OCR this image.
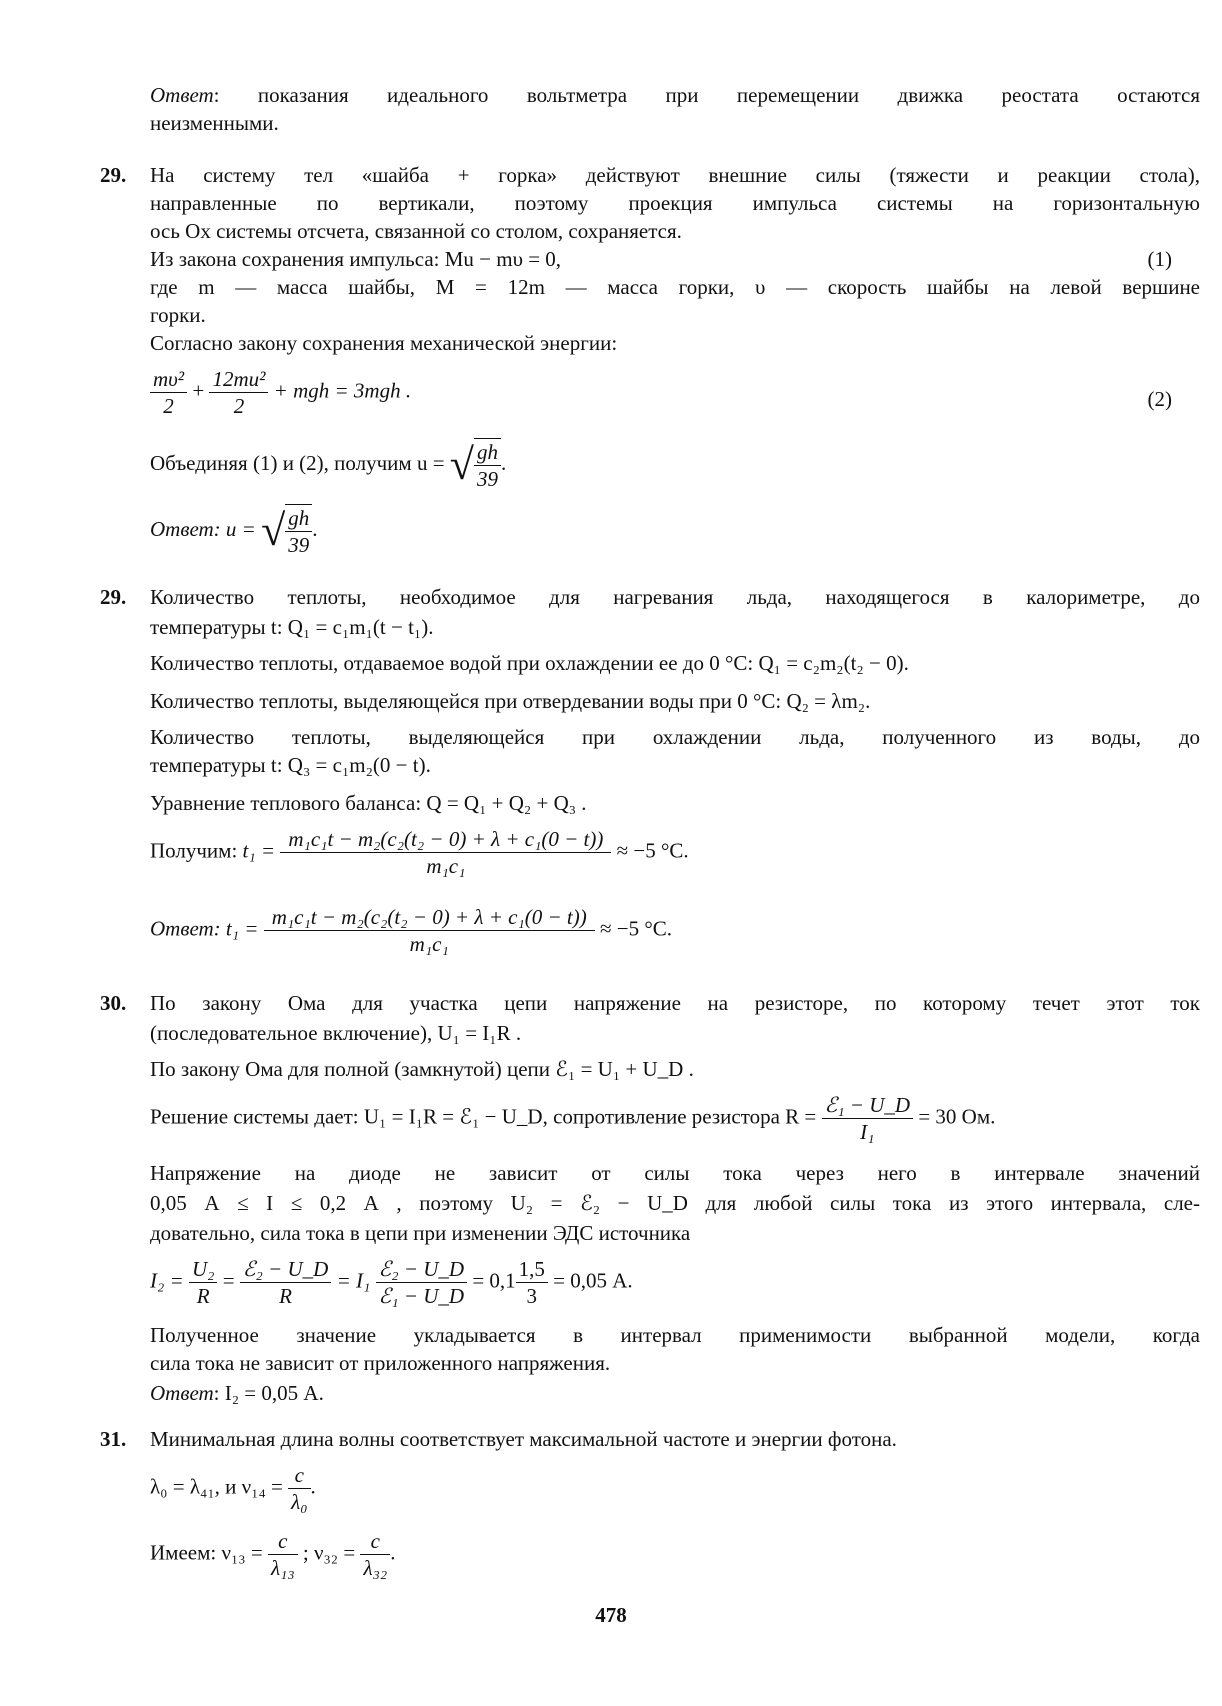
Ответ: показания идеального вольтметра при перемещении движка реостата остаются
неизменными.
29. На систему тел «шайба + горка» действуют внешние силы (тяжести и реакции стола),
направленные по вертикали, поэтому проекция импульса системы на горизонтальную
ось Ox системы отсчета, связанной со столом, сохраняется.
Из закона сохранения импульса: Mu − mυ = 0,	(1)
где m — масса шайбы, M = 12m — масса горки, υ — скорость шайбы на левой вершине
горки.
Согласно закону сохранения механической энергии:
$\frac{\text{mυ²}}{2} + \frac{\text{12mu²}}{2}$ + mgh = 3mgh .	(2)
Объединяя (1) и (2), получим u = √ $\frac{gh}{39}$ .
Ответ: u = √ $\frac{gh}{39}$ .
29. Количество теплоты, необходимое для нагревания льда, находящегося в калориметре, до
температуры t: Q₁ = c₁m₁(t − t₁).
Количество теплоты, отдаваемое водой при охлаждении ее до 0 °C: Q₁ = c₂m₂(t₂ − 0).
Количество теплоты, выделяющейся при отвердевании воды при 0 °C: Q₂ = λm₂.
Количество теплоты, выделяющейся при охлаждении льда, полученного из воды, до
температуры t: Q₃ = c₁m₂(0 − t).
Уравнение теплового баланса: Q = Q₁ + Q₂ + Q₃ .
Получим: $t_1 = \frac{\text{m₁c₁t − m₂(c₂(t₂ − 0) + λ + c₁(0 − t))}}{\text{m₁c₁}} \approx -5$ °C.
Ответ: $t_1 = \frac{\text{m₁c₁t − m₂(c₂(t₂ − 0) + λ + c₁(0 − t))}}{\text{m₁c₁}} \approx -5$ °C.
30. По закону Ома для участка цепи напряжение на резисторе, по которому течет этот ток
(последовательное включение), U₁ = I₁R .
По закону Ома для полной (замкнутой) цепи ℰ₁ = U₁ + U_D .
Решение системы дает: U₁ = I₁R = ℰ₁ − U_D, сопротивление резистора $R = \frac{\text{ℰ₁ − U\_D}}{\text{I₁}} = 30$ Ом.
Напряжение на диоде не зависит от силы тока через него в интервале значений
0,05 А ≤ I ≤ 0,2 А , поэтому U₂ = ℰ₂ − U_D для любой силы тока из этого интервала, сле-
довательно, сила тока в цепи при изменении ЭДС источника
$I_2 = \frac{\text{U₂}}{R} = \frac{\text{ℰ₂ − U\_D}}{R} = I_1 \frac{\text{ℰ₂ − U\_D}}{\text{ℰ₁ − U\_D}} = 0,1 \frac{1,5}{3} = 0,05$ А.
Полученное значение укладывается в интервал применимости выбранной модели, когда
сила тока не зависит от приложенного напряжения.
Ответ: I₂ = 0,05 А.
31. Минимальная длина волны соответствует максимальной частоте и энергии фотона.
λ₀ = λ₄₁, и $\nu_{14} = \frac{c}{\text{λ₀}}$ .
Имеем: $\nu_{13} = \frac{c}{\text{λ₁₃}}$ ; $\nu_{32} = \frac{c}{\text{λ₃₂}}$ .
478
